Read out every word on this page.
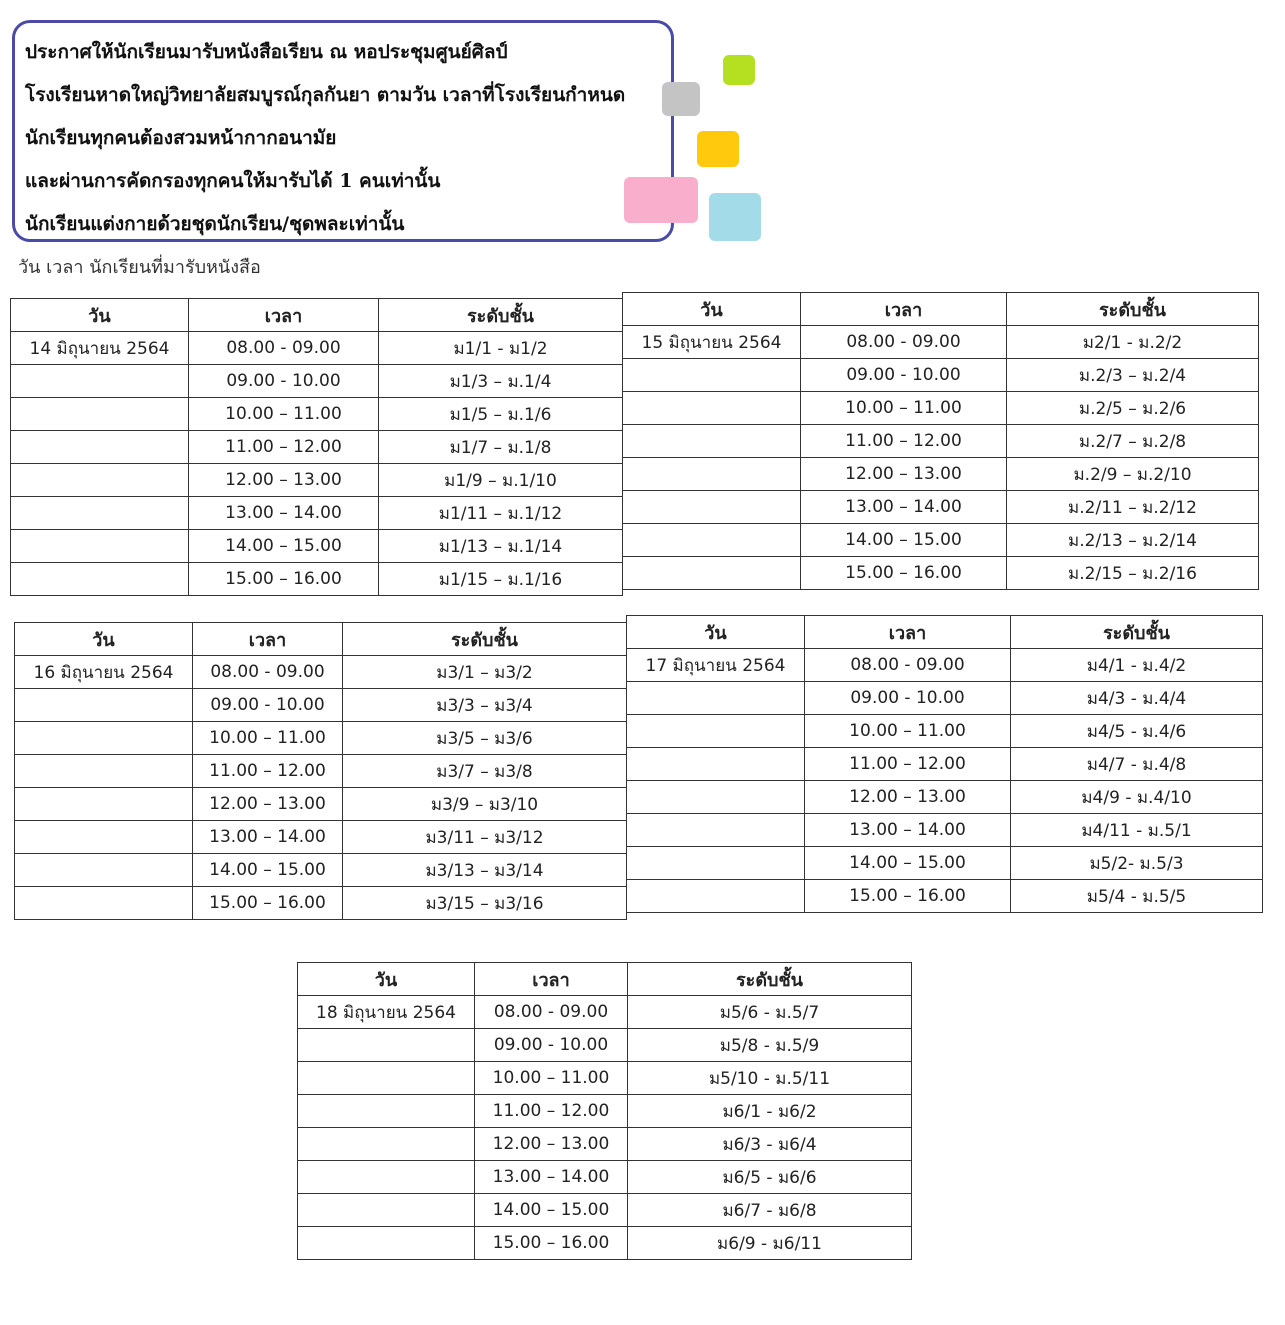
ประกาศให้นักเรียนมารับหนังสือเรียน ณ หอประชุมศูนย์ศิลป์
โรงเรียนหาดใหญ่วิทยาลัยสมบูรณ์กุลกันยา ตามวัน เวลาที่โรงเรียนกำหนด
นักเรียนทุกคนต้องสวมหน้ากากอนามัย
และผ่านการคัดกรองทุกคนให้มารับได้ 1 คนเท่านั้น
นักเรียนแต่งกายด้วยชุดนักเรียน/ชุดพละเท่านั้น
วัน เวลา นักเรียนที่มารับหนังสือ
วัน	เวลา	ระดับชั้น
14 มิถุนายน 2564	08.00 - 09.00	ม1/1 - ม1/2
	09.00 - 10.00	ม1/3 – ม.1/4
	10.00 – 11.00	ม1/5 – ม.1/6
	11.00 – 12.00	ม1/7 – ม.1/8
	12.00 – 13.00	ม1/9 – ม.1/10
	13.00 – 14.00	ม1/11 – ม.1/12
	14.00 – 15.00	ม1/13 – ม.1/14
	15.00 – 16.00	ม1/15 – ม.1/16
วัน	เวลา	ระดับชั้น
15 มิถุนายน 2564	08.00 - 09.00	ม2/1 - ม.2/2
	09.00 - 10.00	ม.2/3 – ม.2/4
	10.00 – 11.00	ม.2/5 – ม.2/6
	11.00 – 12.00	ม.2/7 – ม.2/8
	12.00 – 13.00	ม.2/9 – ม.2/10
	13.00 – 14.00	ม.2/11 – ม.2/12
	14.00 – 15.00	ม.2/13 – ม.2/14
	15.00 – 16.00	ม.2/15 – ม.2/16
วัน	เวลา	ระดับชั้น
16 มิถุนายน 2564	08.00 - 09.00	ม3/1 – ม3/2
	09.00 - 10.00	ม3/3 – ม3/4
	10.00 – 11.00	ม3/5 – ม3/6
	11.00 – 12.00	ม3/7 – ม3/8
	12.00 – 13.00	ม3/9 – ม3/10
	13.00 – 14.00	ม3/11 – ม3/12
	14.00 – 15.00	ม3/13 – ม3/14
	15.00 – 16.00	ม3/15 – ม3/16
วัน	เวลา	ระดับชั้น
17 มิถุนายน 2564	08.00 - 09.00	ม4/1 - ม.4/2
	09.00 - 10.00	ม4/3 - ม.4/4
	10.00 – 11.00	ม4/5 - ม.4/6
	11.00 – 12.00	ม4/7 - ม.4/8
	12.00 – 13.00	ม4/9 - ม.4/10
	13.00 – 14.00	ม4/11 - ม.5/1
	14.00 – 15.00	ม5/2- ม.5/3
	15.00 – 16.00	ม5/4 - ม.5/5
วัน	เวลา	ระดับชั้น
18 มิถุนายน 2564	08.00 - 09.00	ม5/6 - ม.5/7
	09.00 - 10.00	ม5/8 - ม.5/9
	10.00 – 11.00	ม5/10 - ม.5/11
	11.00 – 12.00	ม6/1 - ม6/2
	12.00 – 13.00	ม6/3 - ม6/4
	13.00 – 14.00	ม6/5 - ม6/6
	14.00 – 15.00	ม6/7 - ม6/8
	15.00 – 16.00	ม6/9 - ม6/11
